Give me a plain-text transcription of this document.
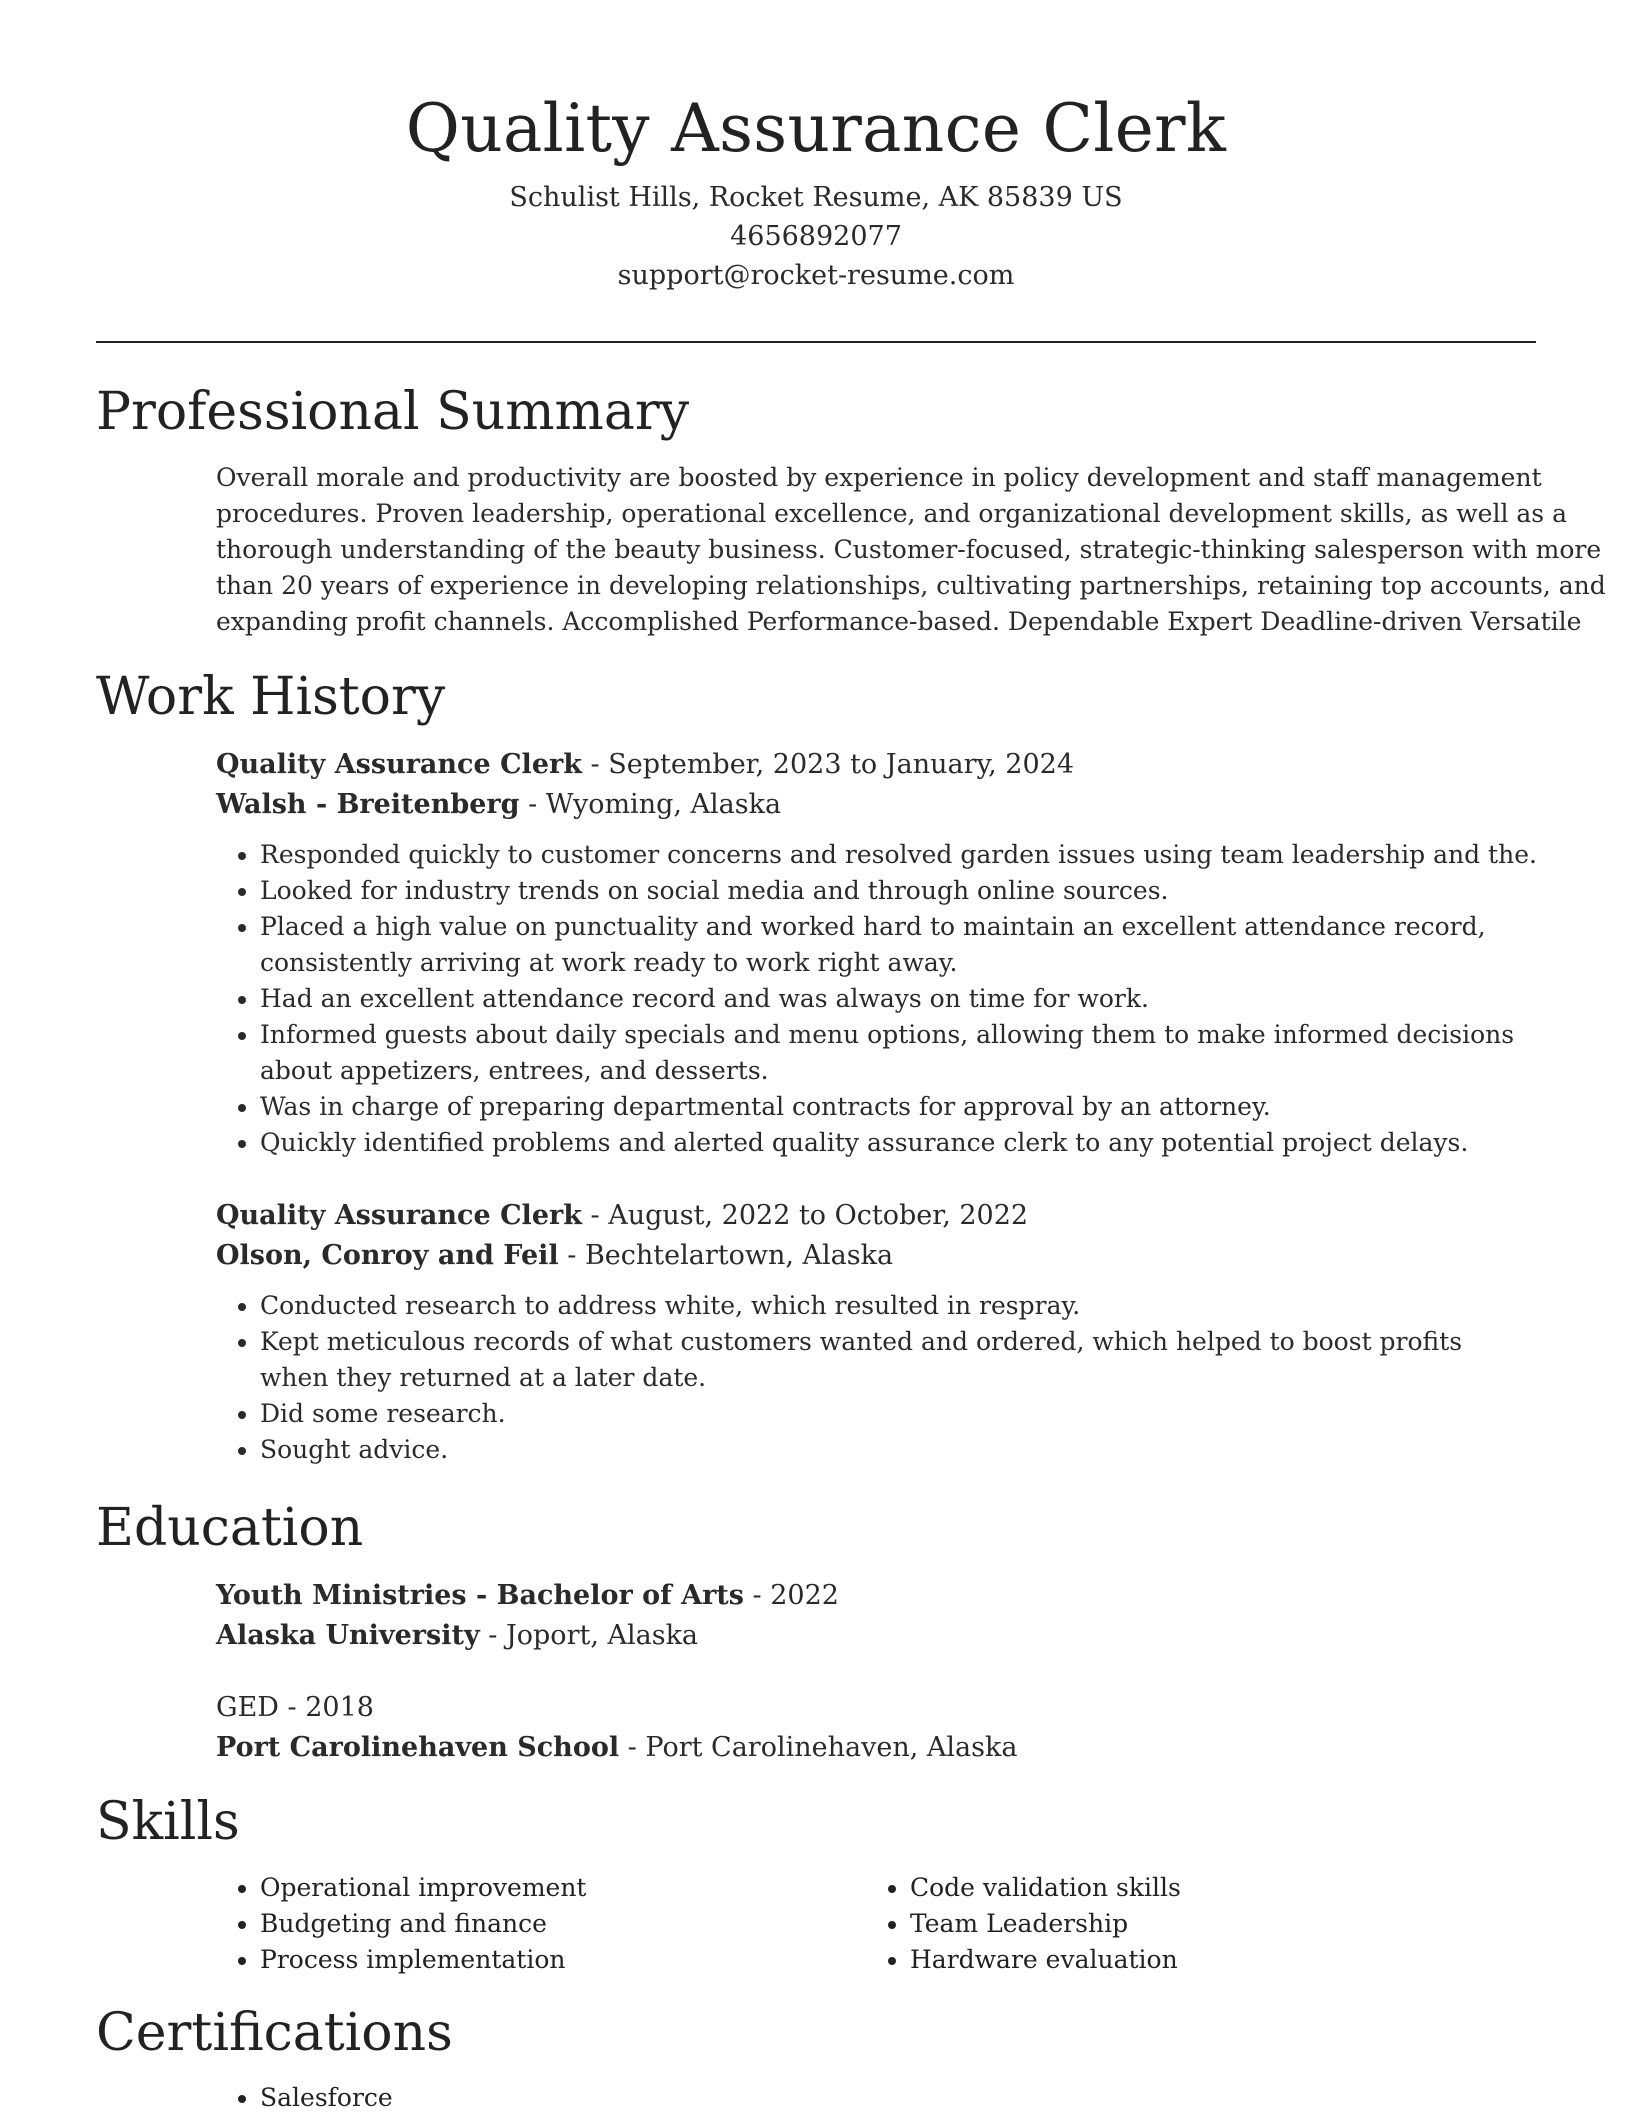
Quality Assurance Clerk
Schulist Hills, Rocket Resume, AK 85839 US
4656892077
support@rocket-resume.com
Professional Summary
Overall morale and productivity are boosted by experience in policy development and staff management
procedures. Proven leadership, operational excellence, and organizational development skills, as well as a
thorough understanding of the beauty business. Customer-focused, strategic-thinking salesperson with more
than 20 years of experience in developing relationships, cultivating partnerships, retaining top accounts, and
expanding profit channels. Accomplished Performance-based. Dependable Expert Deadline-driven Versatile
Work History
Quality Assurance Clerk - September, 2023 to January, 2024
Walsh - Breitenberg - Wyoming, Alaska
• Responded quickly to customer concerns and resolved garden issues using team leadership and the.
• Looked for industry trends on social media and through online sources.
• Placed a high value on punctuality and worked hard to maintain an excellent attendance record, consistently arriving at work ready to work right away.
• Had an excellent attendance record and was always on time for work.
• Informed guests about daily specials and menu options, allowing them to make informed decisions about appetizers, entrees, and desserts.
• Was in charge of preparing departmental contracts for approval by an attorney.
• Quickly identified problems and alerted quality assurance clerk to any potential project delays.
Quality Assurance Clerk - August, 2022 to October, 2022
Olson, Conroy and Feil - Bechtelartown, Alaska
• Conducted research to address white, which resulted in respray.
• Kept meticulous records of what customers wanted and ordered, which helped to boost profits when they returned at a later date.
• Did some research.
• Sought advice.
Education
Youth Ministries - Bachelor of Arts - 2022
Alaska University - Joport, Alaska
GED - 2018
Port Carolinehaven School - Port Carolinehaven, Alaska
Skills
• Operational improvement
• Budgeting and finance
• Process implementation
• Code validation skills
• Team Leadership
• Hardware evaluation
Certifications
• Salesforce
